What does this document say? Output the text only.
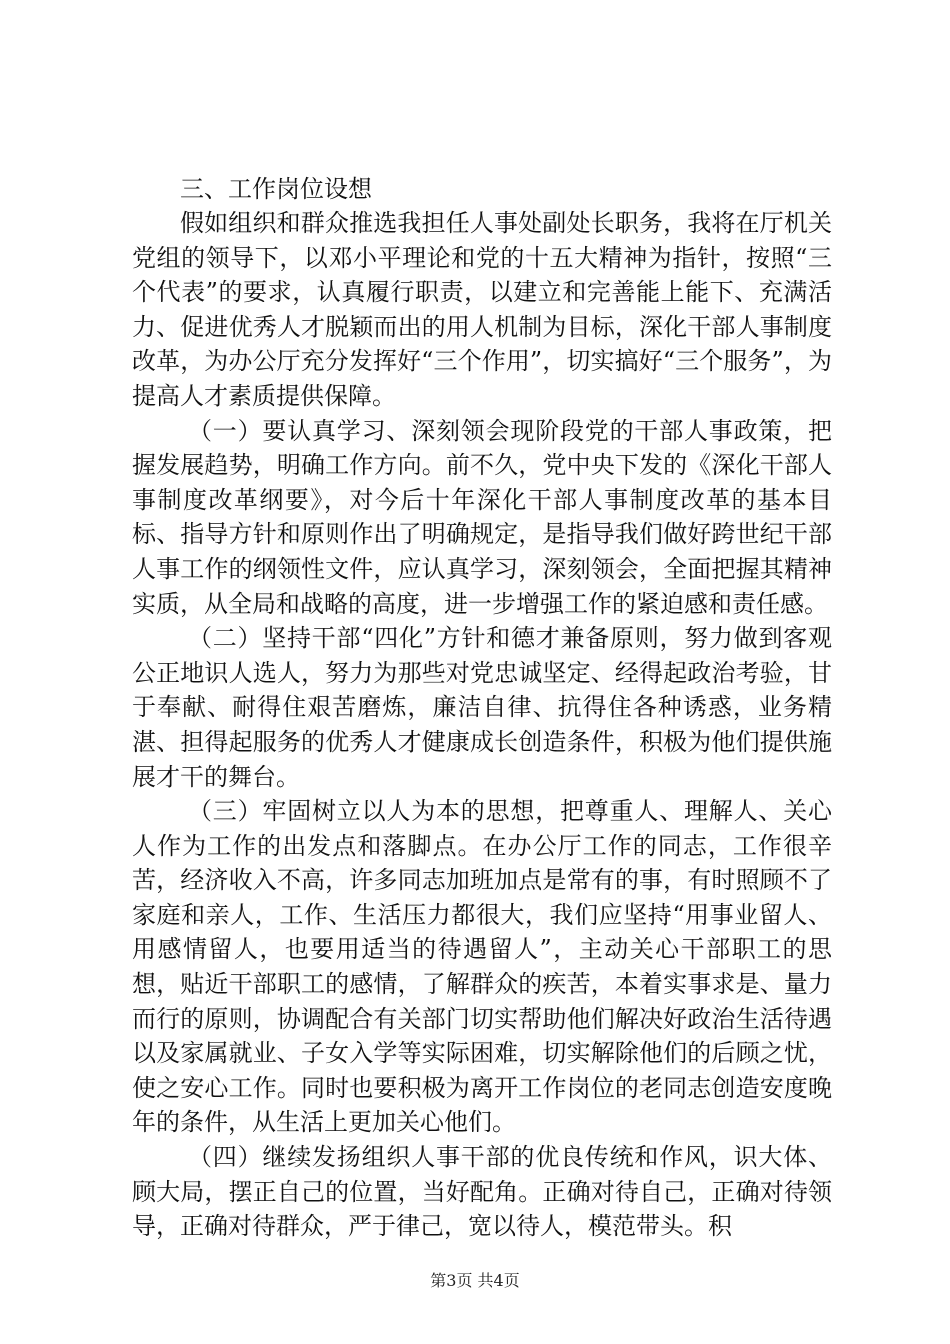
三、工作岗位设想

假如组织和群众推选我担任人事处副处长职务，我将在厅机关党组的领导下，以邓小平理论和党的十五大精神为指针，按照“三个代表”的要求，认真履行职责，以建立和完善能上能下、充满活力、促进优秀人才脱颖而出的用人机制为目标，深化干部人事制度改革，为办公厅充分发挥好“三个作用”，切实搞好“三个服务”，为提高人才素质提供保障。

（一）要认真学习、深刻领会现阶段党的干部人事政策，把握发展趋势，明确工作方向。前不久，党中央下发的《深化干部人事制度改革纲要》，对今后十年深化干部人事制度改革的基本目标、指导方针和原则作出了明确规定，是指导我们做好跨世纪干部人事工作的纲领性文件，应认真学习，深刻领会，全面把握其精神实质，从全局和战略的高度，进一步增强工作的紧迫感和责任感。

（二）坚持干部“四化”方针和德才兼备原则，努力做到客观公正地识人选人，努力为那些对党忠诚坚定、经得起政治考验，甘于奉献、耐得住艰苦磨炼，廉洁自律、抗得住各种诱惑，业务精湛、担得起服务的优秀人才健康成长创造条件，积极为他们提供施展才干的舞台。

（三）牢固树立以人为本的思想，把尊重人、理解人、关心人作为工作的出发点和落脚点。在办公厅工作的同志，工作很辛苦，经济收入不高，许多同志加班加点是常有的事，有时照顾不了家庭和亲人，工作、生活压力都很大，我们应坚持“用事业留人、用感情留人，也要用适当的待遇留人”，主动关心干部职工的思想，贴近干部职工的感情，了解群众的疾苦，本着实事求是、量力而行的原则，协调配合有关部门切实帮助他们解决好政治生活待遇以及家属就业、子女入学等实际困难，切实解除他们的后顾之忧，使之安心工作。同时也要积极为离开工作岗位的老同志创造安度晚年的条件，从生活上更加关心他们。

（四）继续发扬组织人事干部的优良传统和作风，识大体、顾大局，摆正自己的位置，当好配角。正确对待自己，正确对待领导，正确对待群众，严于律己，宽以待人，模范带头。积

第3页 共4页
